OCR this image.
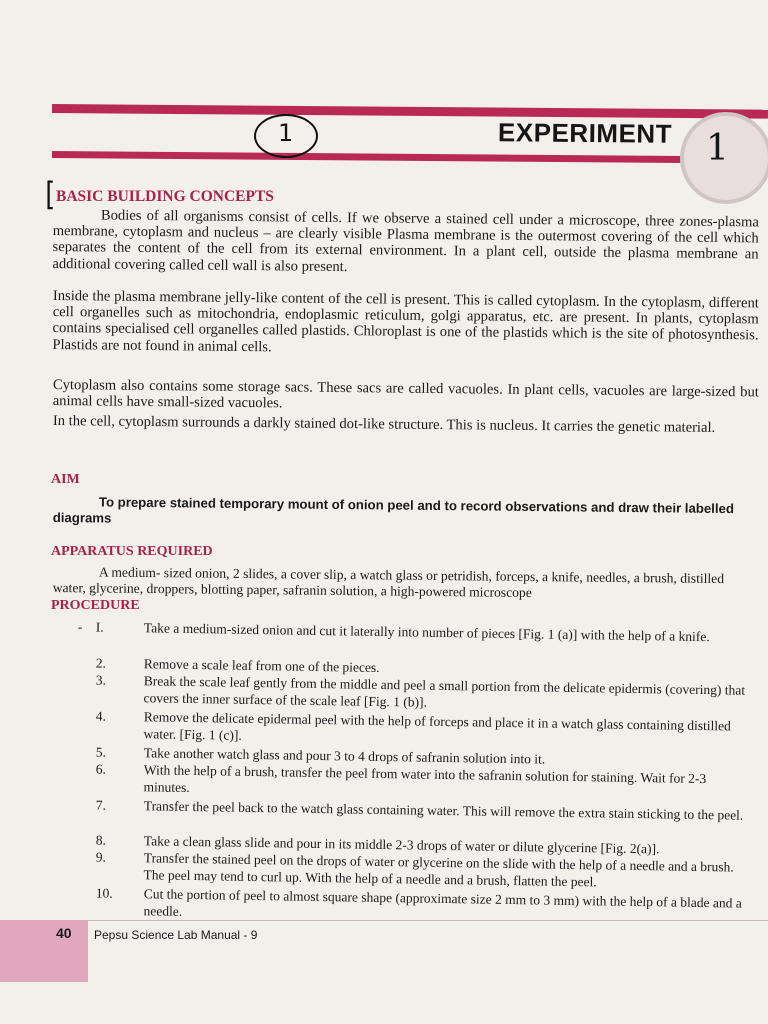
1	EXPERIMENT 1
[ BASIC BUILDING CONCEPTS

Bodies of all organisms consist of cells. If we observe a stained cell under a microscope, three zones-plasma membrane, cytoplasm and nucleus – are clearly visible Plasma membrane is the outermost covering of the cell which separates the content of the cell from its external environment. In a plant cell, outside the plasma membrane an additional covering called cell wall is also present.

Inside the plasma membrane jelly-like content of the cell is present. This is called cytoplasm. In the cytoplasm, different cell organelles such as mitochondria, endoplasmic reticulum, golgi apparatus, etc. are present. In plants, cytoplasm contains specialised cell organelles called plastids. Chloroplast is one of the plastids which is the site of photosynthesis. Plastids are not found in animal cells.

Cytoplasm also contains some storage sacs. These sacs are called vacuoles. In plant cells, vacuoles are large-sized but animal cells have small-sized vacuoles.

In the cell, cytoplasm surrounds a darkly stained dot-like structure. This is nucleus. It carries the genetic material.

AIM

To prepare stained temporary mount of onion peel and to record observations and draw their labelled diagrams

APPARATUS REQUIRED

A medium- sized onion, 2 slides, a cover slip, a watch glass or petridish, forceps, a knife, needles, a brush, distilled water, glycerine, droppers, blotting paper, safranin solution, a high-powered microscope

PROCEDURE
- I.	Take a medium-sized onion and cut it laterally into number of pieces [Fig. 1 (a)] with the help of a knife.
2.	Remove a scale leaf from one of the pieces.
3.	Break the scale leaf gently from the middle and peel a small portion from the delicate epidermis (covering) that covers the inner surface of the scale leaf [Fig. 1 (b)].
4.	Remove the delicate epidermal peel with the help of forceps and place it in a watch glass containing distilled water. [Fig. 1 (c)].
5.	Take another watch glass and pour 3 to 4 drops of safranin solution into it.
6.	With the help of a brush, transfer the peel from water into the safranin solution for staining. Wait for 2-3 minutes.
7.	Transfer the peel back to the watch glass containing water. This will remove the extra stain sticking to the peel.
8.	Take a clean glass slide and pour in its middle 2-3 drops of water or dilute glycerine [Fig. 2(a)].
9.	Transfer the stained peel on the drops of water or glycerine on the slide with the help of a needle and a brush. The peel may tend to curl up. With the help of a needle and a brush, flatten the peel.
10.	Cut the portion of peel to almost square shape (approximate size 2 mm to 3 mm) with the help of a blade and a needle.
40 Pepsu Science Lab Manual - 9
